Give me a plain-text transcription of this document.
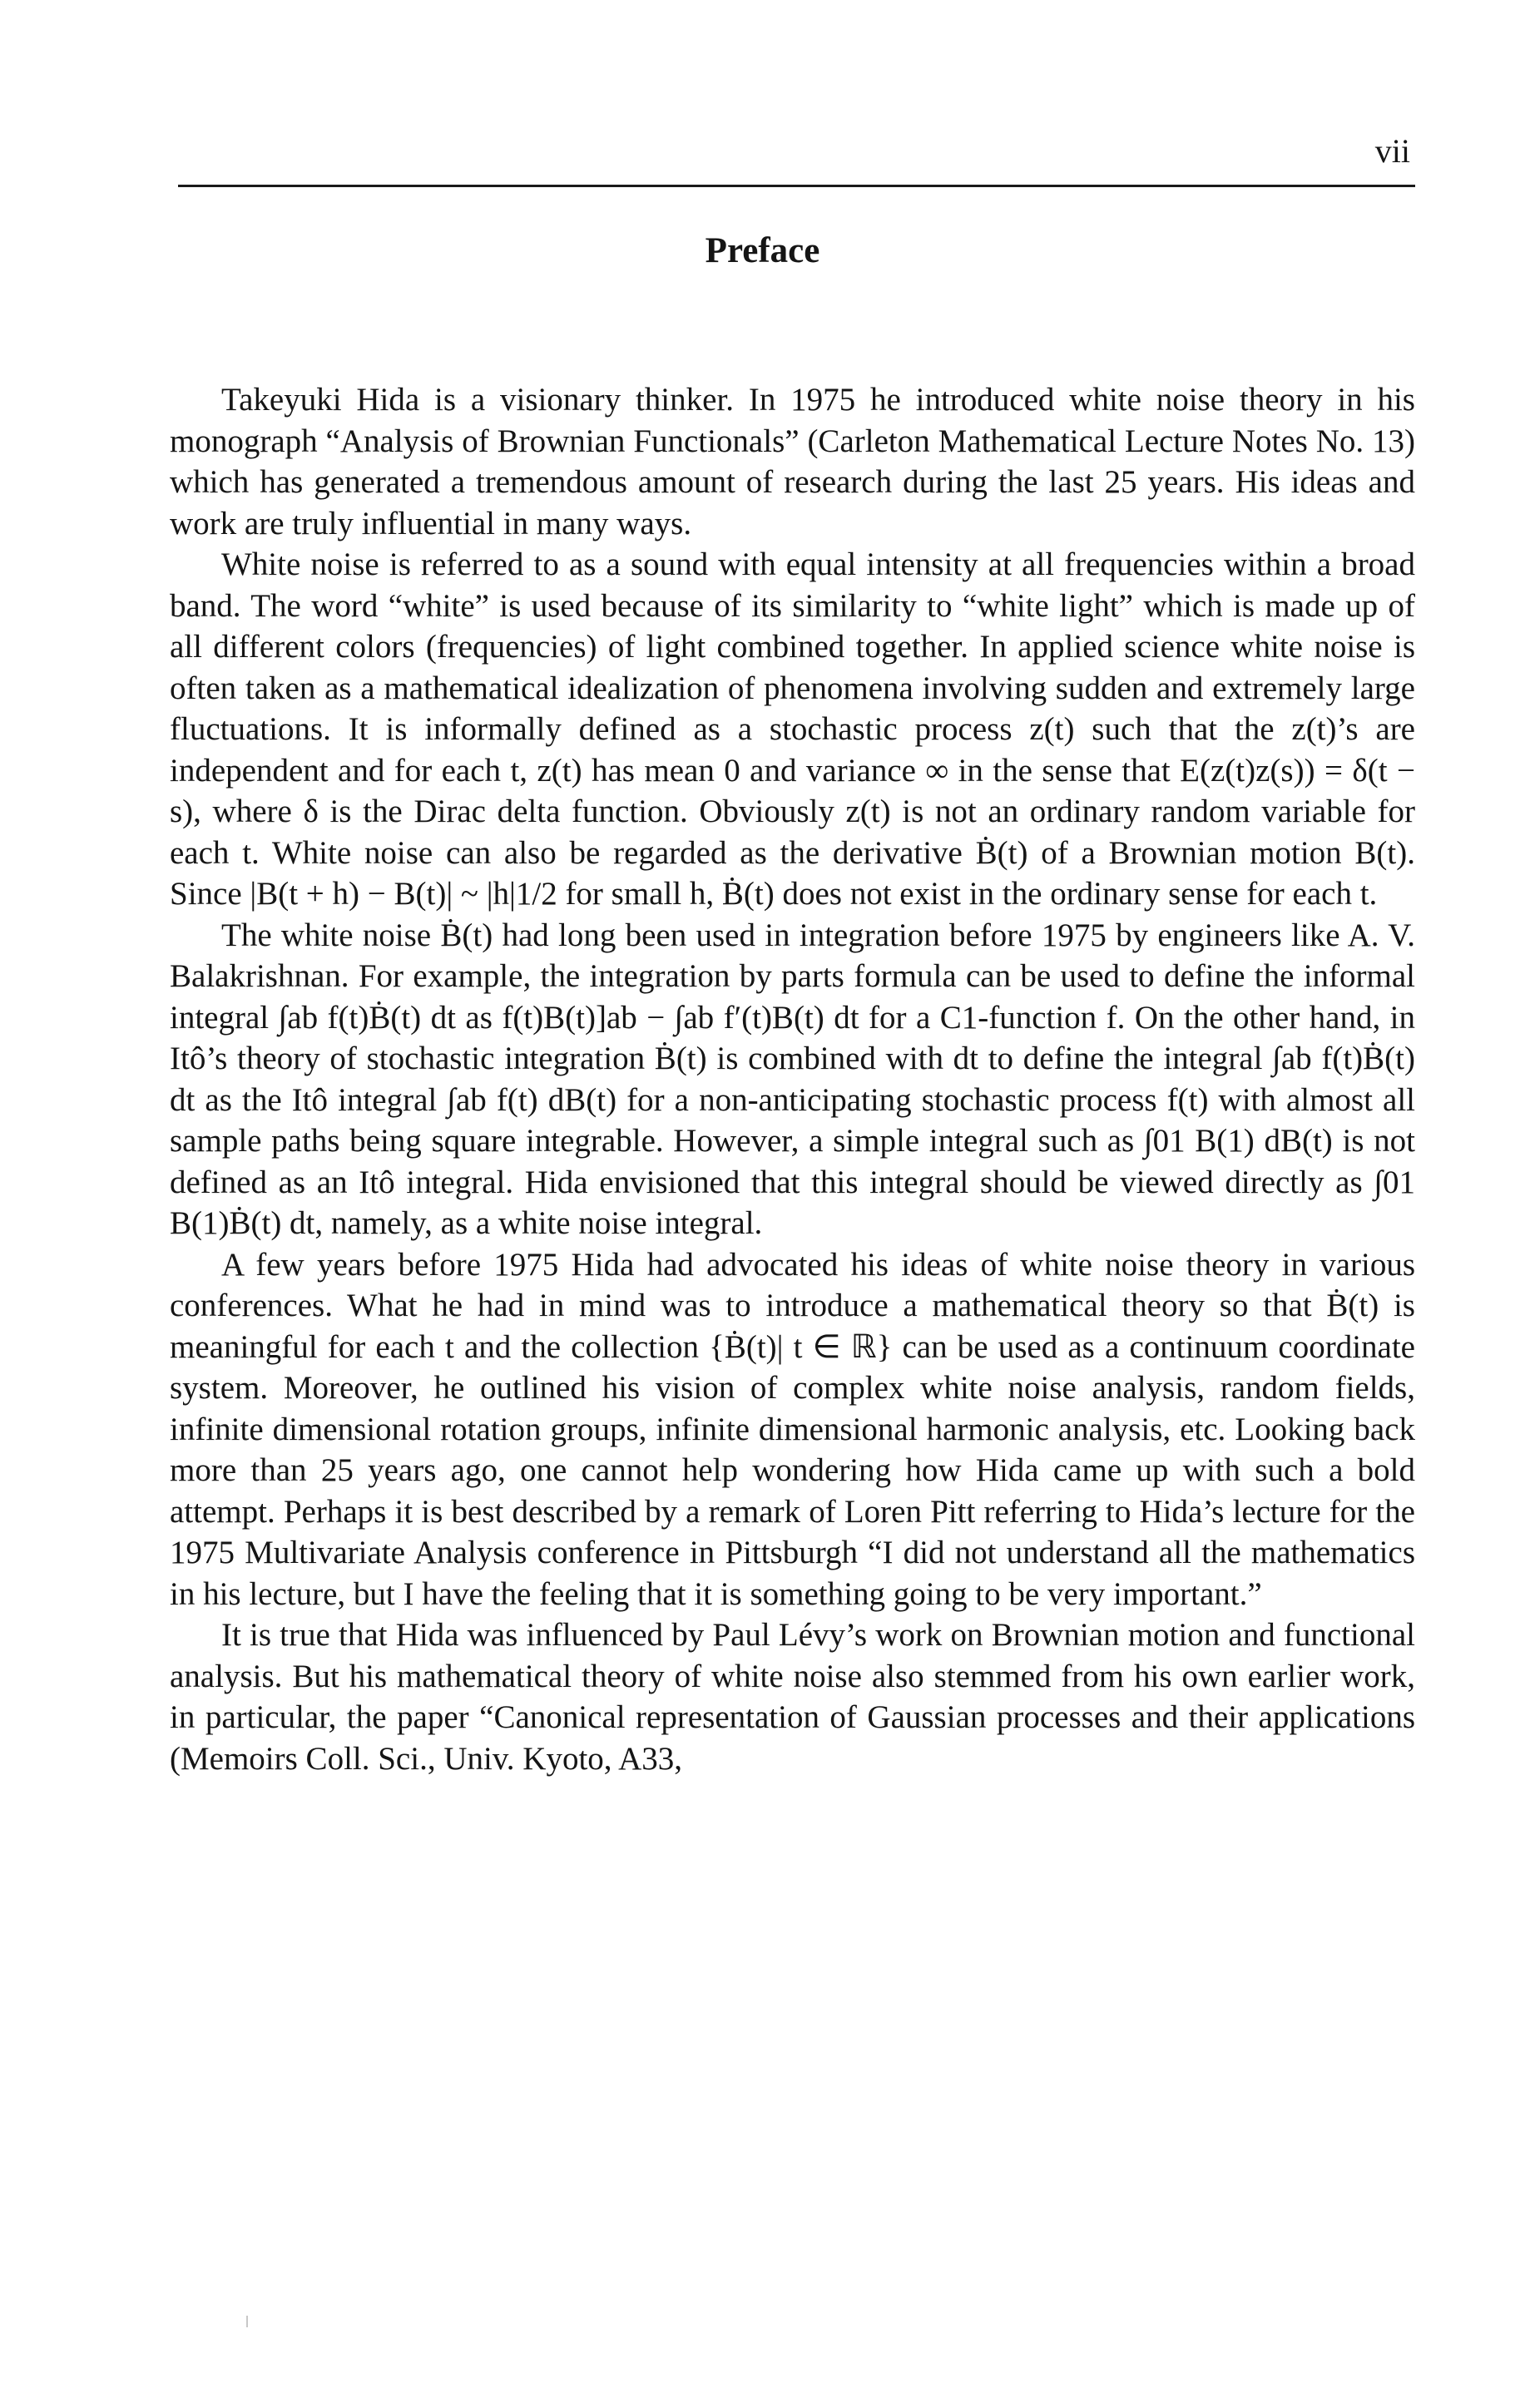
vii
Preface

Takeyuki Hida is a visionary thinker. In 1975 he introduced white noise theory in his monograph “Analysis of Brownian Functionals” (Carleton Mathematical Lecture Notes No. 13) which has generated a tremendous amount of research during the last 25 years. His ideas and work are truly influential in many ways.

White noise is referred to as a sound with equal intensity at all frequencies within a broad band. The word “white” is used because of its similarity to “white light” which is made up of all different colors (frequencies) of light combined together. In applied science white noise is often taken as a mathematical idealization of phenomena involving sudden and extremely large fluctuations. It is informally defined as a stochastic process z(t) such that the z(t)’s are independent and for each t, z(t) has mean 0 and variance ∞ in the sense that E(z(t)z(s)) = δ(t − s), where δ is the Dirac delta function. Obviously z(t) is not an ordinary random variable for each t. White noise can also be regarded as the derivative Ḃ(t) of a Brownian motion B(t). Since |B(t + h) − B(t)| ~ |h|1/2 for small h, Ḃ(t) does not exist in the ordinary sense for each t.

The white noise Ḃ(t) had long been used in integration before 1975 by engineers like A. V. Balakrishnan. For example, the integration by parts formula can be used to define the informal integral ∫ab f(t)Ḃ(t) dt as f(t)B(t)]ab − ∫ab f′(t)B(t) dt for a C1-function f. On the other hand, in Itô’s theory of stochastic integration Ḃ(t) is combined with dt to define the integral ∫ab f(t)Ḃ(t) dt as the Itô integral ∫ab f(t) dB(t) for a non-anticipating stochastic process f(t) with almost all sample paths being square integrable. However, a simple integral such as ∫01 B(1) dB(t) is not defined as an Itô integral. Hida envisioned that this integral should be viewed directly as ∫01 B(1)Ḃ(t) dt, namely, as a white noise integral.

A few years before 1975 Hida had advocated his ideas of white noise theory in various conferences. What he had in mind was to introduce a mathematical theory so that Ḃ(t) is meaningful for each t and the collection {Ḃ(t)| t ∈ ℝ} can be used as a continuum coordinate system. Moreover, he outlined his vision of complex white noise analysis, random fields, infinite dimensional rotation groups, infinite dimensional harmonic analysis, etc. Looking back more than 25 years ago, one cannot help wondering how Hida came up with such a bold attempt. Perhaps it is best described by a remark of Loren Pitt referring to Hida’s lecture for the 1975 Multivariate Analysis conference in Pittsburgh “I did not understand all the mathematics in his lecture, but I have the feeling that it is something going to be very important.”

It is true that Hida was influenced by Paul Lévy’s work on Brownian motion and functional analysis. But his mathematical theory of white noise also stemmed from his own earlier work, in particular, the paper “Canonical representation of Gaussian processes and their applications (Memoirs Coll. Sci., Univ. Kyoto, A33,
